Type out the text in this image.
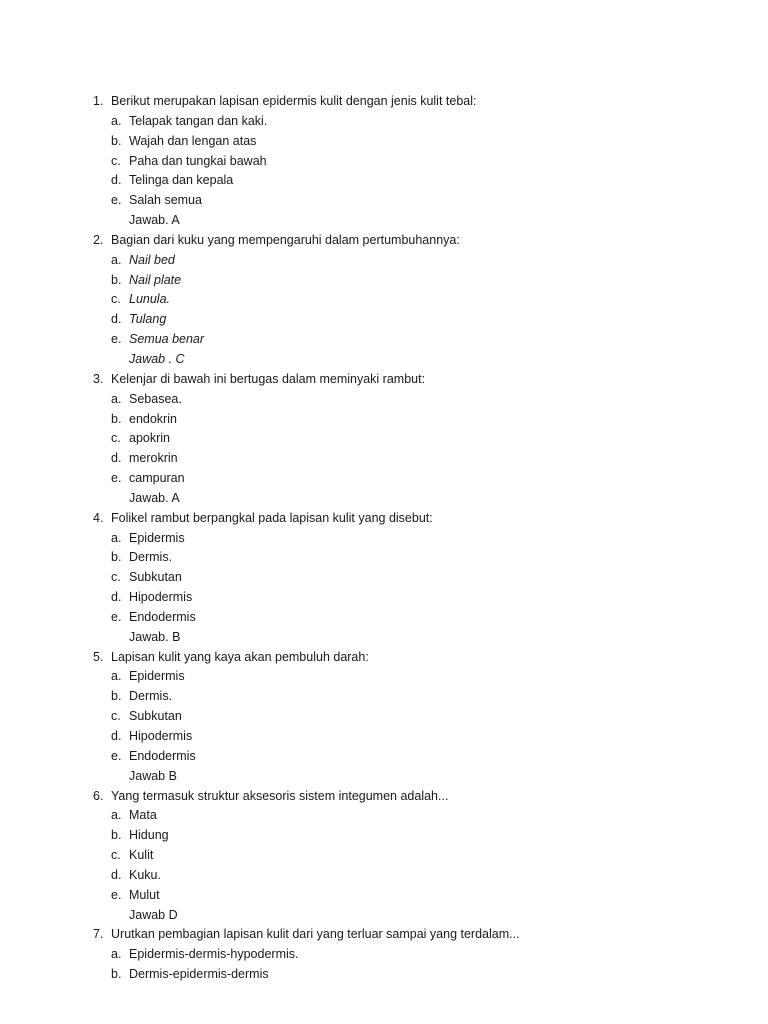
1. Berikut merupakan lapisan epidermis kulit dengan jenis kulit tebal:
a. Telapak tangan dan kaki.
b. Wajah dan lengan atas
c. Paha dan tungkai bawah
d. Telinga dan kepala
e. Salah semua
Jawab. A
2. Bagian dari kuku yang mempengaruhi dalam pertumbuhannya:
a. Nail bed
b. Nail plate
c. Lunula.
d. Tulang
e. Semua benar
Jawab . C
3. Kelenjar di bawah ini bertugas dalam meminyaki rambut:
a. Sebasea.
b. endokrin
c. apokrin
d. merokrin
e. campuran
Jawab. A
4. Folikel rambut berpangkal pada lapisan kulit yang disebut:
a. Epidermis
b. Dermis.
c. Subkutan
d. Hipodermis
e. Endodermis
Jawab. B
5. Lapisan kulit yang kaya akan pembuluh darah:
a. Epidermis
b. Dermis.
c. Subkutan
d. Hipodermis
e. Endodermis
Jawab B
6. Yang termasuk struktur aksesoris sistem integumen adalah...
a. Mata
b. Hidung
c. Kulit
d. Kuku.
e. Mulut
Jawab D
7. Urutkan pembagian lapisan kulit dari yang terluar sampai yang terdalam...
a. Epidermis-dermis-hypodermis.
b. Dermis-epidermis-dermis
